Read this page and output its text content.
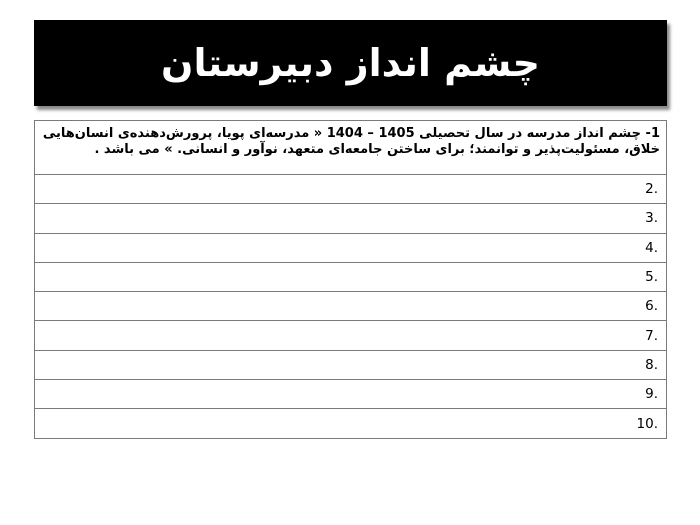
چشم انداز دبیرستان
1- چشم انداز مدرسه در سال تحصیلی 1405 – 1404 « مدرسه‌ای پویا، پرورش‌دهنده‌ی انسان‌هایی خلاق، مسئولیت‌پذیر و توانمند؛ برای ساختن جامعه‌ای متعهد، نوآور و انسانی. » می باشد .
2.
3.
4.
5.
6.
7.
8.
9.
10.
